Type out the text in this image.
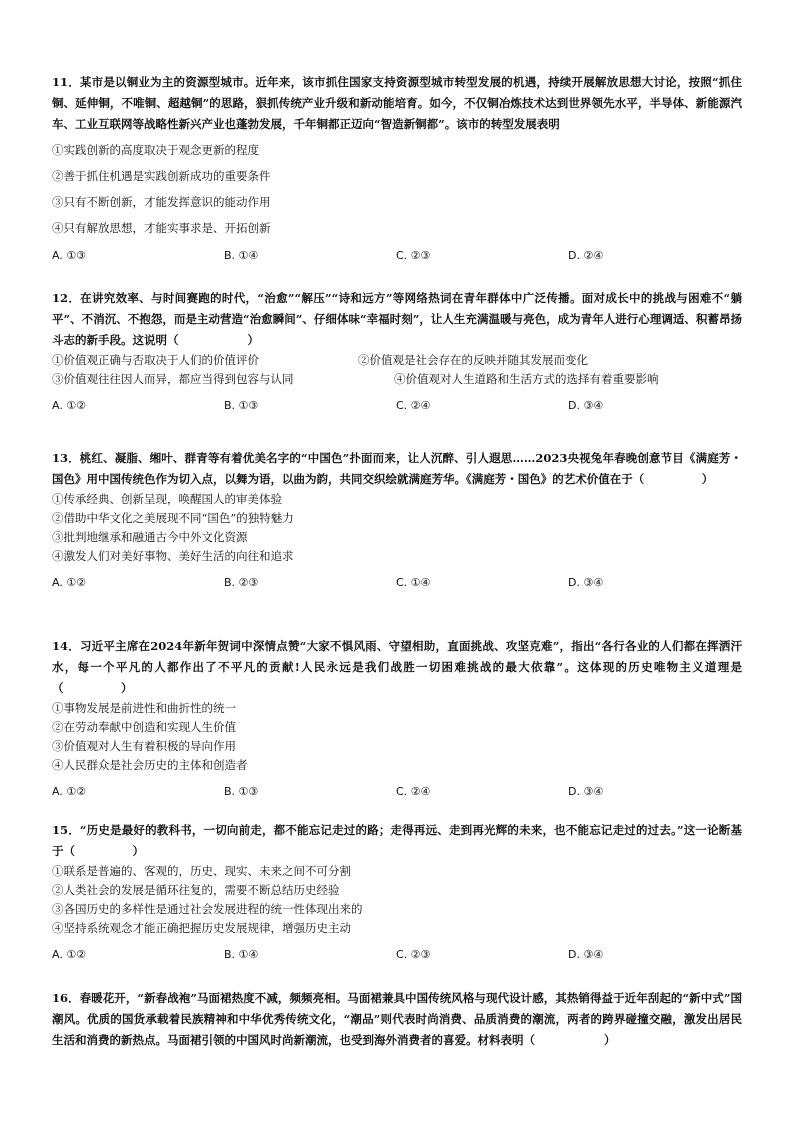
11．某市是以铜业为主的资源型城市。近年来，该市抓住国家支持资源型城市转型发展的机遇，持续开展解放思想大讨论，按照“抓住铜、延伸铜，不唯铜、超越铜”的思路，狠抓传统产业升级和新动能培育。如今，不仅铜冶炼技术达到世界领先水平，半导体、新能源汽车、工业互联网等战略性新兴产业也蓬勃发展，千年铜都正迈向“智造新铜都”。该市的转型发展表明

①实践创新的高度取决于观念更新的程度

②善于抓住机遇是实践创新成功的重要条件

③只有不断创新，才能发挥意识的能动作用

④只有解放思想，才能实事求是、开拓创新

A. ①③	B. ①④	C. ②③	D. ②④

12．在讲究效率、与时间赛跑的时代，“治愈”“解压”“诗和远方”等网络热词在青年群体中广泛传播。面对成长中的挑战与困难不“躺平”、不消沉、不抱怨，而是主动营造“治愈瞬间”、仔细体味“幸福时刻”，让人生充满温暖与亮色，成为青年人进行心理调适、积蓄昂扬斗志的新手段。这说明（　　　　　　）

①价值观正确与否取决于人们的价值评价	②价值观是社会存在的反映并随其发展而变化
③价值观往往因人而异，都应当得到包容与认同	④价值观对人生道路和生活方式的选择有着重要影响
A. ①②	B. ①③	C. ②④	D. ③④

13．桃红、凝脂、缃叶、群青等有着优美名字的“中国色”扑面而来，让人沉醉、引人遐思……2023央视兔年春晚创意节目《满庭芳・国色》用中国传统色作为切入点，以舞为语，以曲为韵，共同交织绘就满庭芳华。《满庭芳・国色》的艺术价值在于（　　　　　）

①传承经典、创新呈现，唤醒国人的审美体验

②借助中华文化之美展现不同“国色”的独特魅力

③批判地继承和融通古今中外文化资源

④激发人们对美好事物、美好生活的向往和追求

A. ①②	B. ②③	C. ①④	D. ③④

14．习近平主席在2024年新年贺词中深情点赞“大家不惧风雨、守望相助，直面挑战、攻坚克难”，指出“各行各业的人们都在挥洒汗水，每一个平凡的人都作出了不平凡的贡献!人民永远是我们战胜一切困难挑战的最大依靠”。这体现的历史唯物主义道理是（　　　　　）

①事物发展是前进性和曲折性的统一

②在劳动奉献中创造和实现人生价值

③价值观对人生有着积极的导向作用

④人民群众是社会历史的主体和创造者

A. ①②	B. ①③	C. ②④	D. ③④

15．“历史是最好的教科书，一切向前走，都不能忘记走过的路；走得再远、走到再光辉的未来，也不能忘记走过的过去。”这一论断基于（　　　　　）

①联系是普遍的、客观的，历史、现实、未来之间不可分割

②人类社会的发展是循环往复的，需要不断总结历史经验

③各国历史的多样性是通过社会发展进程的统一性体现出来的

④坚持系统观念才能正确把握历史发展规律，增强历史主动

A. ①②	B. ①④	C. ②③	D. ③④

16．春暖花开，“新春战袍”马面裙热度不减，频频亮相。马面裙兼具中国传统风格与现代设计感，其热销得益于近年刮起的“新中式”国潮风。优质的国货承载着民族精神和中华优秀传统文化，“潮品”则代表时尚消费、品质消费的潮流，两者的跨界碰撞交融，激发出居民生活和消费的新热点。马面裙引领的中国风时尚新潮流，也受到海外消费者的喜爱。材料表明（　　　　　　）
